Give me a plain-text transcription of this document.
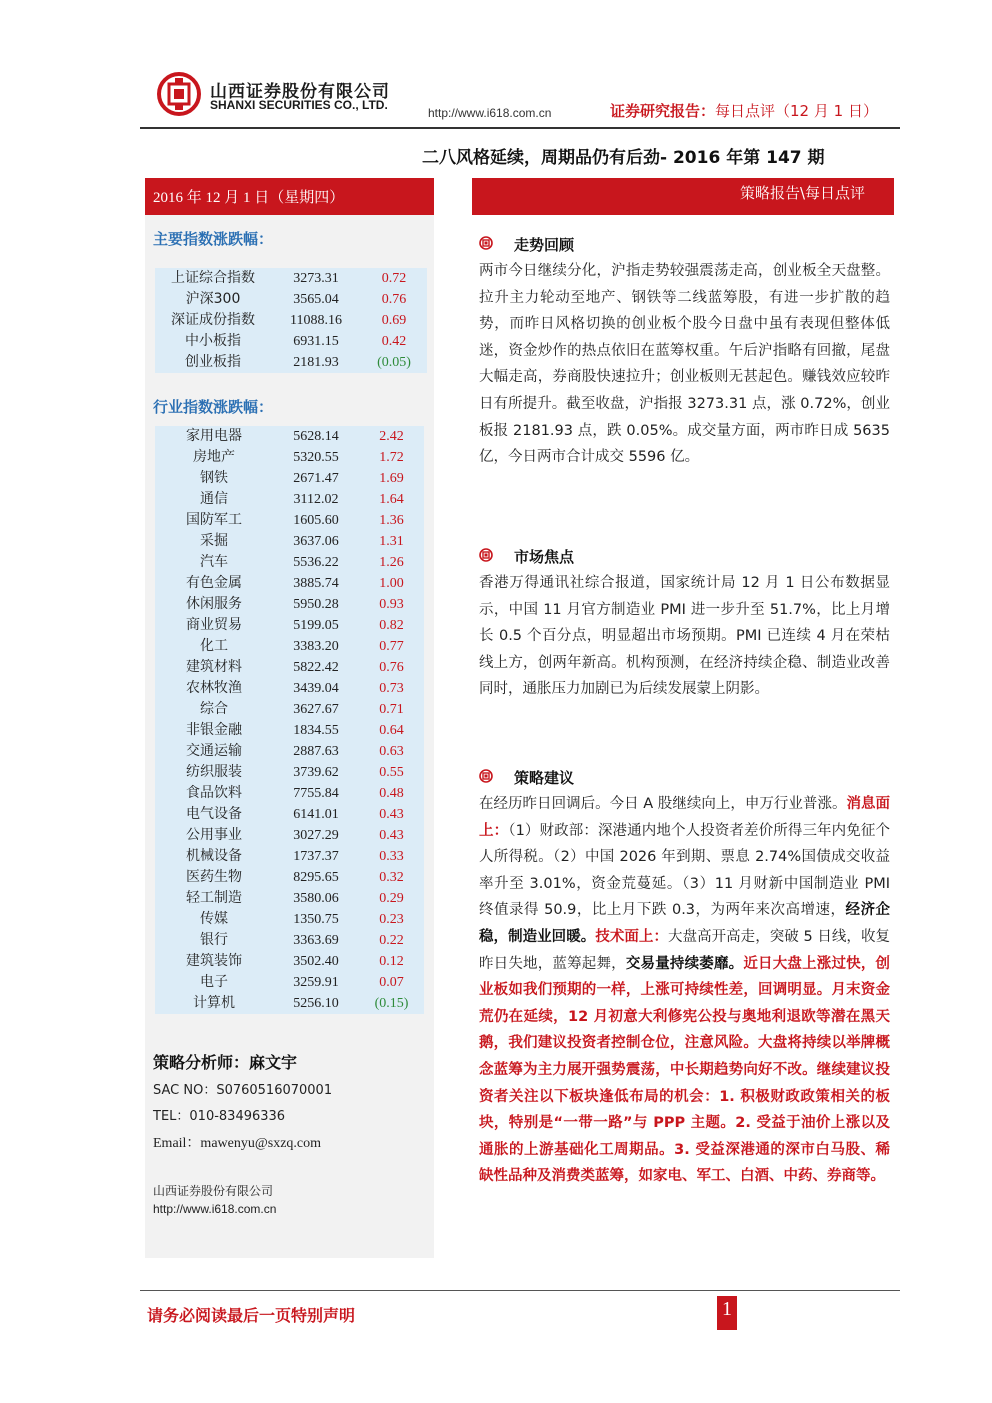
山西证券股份有限公司
SHANXI SECURITIES CO., LTD.
http://www.i618.com.cn	证券研究报告：每日点评（12 月 1 日）
二八风格延续，周期品仍有后劲- 2016 年第 147 期
2016 年 12 月 1 日（星期四）
主要指数涨跌幅：
上证综合指数	3273.31	0.72
沪深300	3565.04	0.76
深证成份指数	11088.16	0.69
中小板指	6931.15	0.42
创业板指	2181.93	(0.05)
行业指数涨跌幅：
家用电器	5628.14	2.42
房地产	5320.55	1.72
钢铁	2671.47	1.69
通信	3112.02	1.64
国防军工	1605.60	1.36
采掘	3637.06	1.31
汽车	5536.22	1.26
有色金属	3885.74	1.00
休闲服务	5950.28	0.93
商业贸易	5199.05	0.82
化工	3383.20	0.77
建筑材料	5822.42	0.76
农林牧渔	3439.04	0.73
综合	3627.67	0.71
非银金融	1834.55	0.64
交通运输	2887.63	0.63
纺织服装	3739.62	0.55
食品饮料	7755.84	0.48
电气设备	6141.01	0.43
公用事业	3027.29	0.43
机械设备	1737.37	0.33
医药生物	8295.65	0.32
轻工制造	3580.06	0.29
传媒	1350.75	0.23
银行	3363.69	0.22
建筑装饰	3502.40	0.12
电子	3259.91	0.07
计算机	5256.10	(0.15)
策略分析师：麻文宇
SAC NO：S0760516070001
TEL：010-83496336
Email：mawenyu@sxzq.com
山西证券股份有限公司
http://www.i618.com.cn
策略报告\每日点评
走势回顾
两市今日继续分化，沪指走势较强震荡走高，创业板全天盘整。拉升主力轮动至地产、钢铁等二线蓝筹股，有进一步扩散的趋势，而昨日风格切换的创业板个股今日盘中虽有表现但整体低迷，资金炒作的热点依旧在蓝筹权重。午后沪指略有回撤，尾盘大幅走高，券商股快速拉升；创业板则无甚起色。赚钱效应较昨日有所提升。截至收盘，沪指报 3273.31 点，涨 0.72%，创业板报 2181.93 点，跌 0.05%。成交量方面，两市昨日成 5635 亿，今日两市合计成交 5596 亿。
市场焦点
香港万得通讯社综合报道，国家统计局 12 月 1 日公布数据显示，中国 11 月官方制造业 PMI 进一步升至 51.7%，比上月增长 0.5 个百分点，明显超出市场预期。PMI 已连续 4 月在荣枯线上方，创两年新高。机构预测，在经济持续企稳、制造业改善同时，通胀压力加剧已为后续发展蒙上阴影。
策略建议
在经历昨日回调后。今日 A 股继续向上，申万行业普涨。消息面上：（1）财政部：深港通内地个人投资者差价所得三年内免征个人所得税。（2）中国 2026 年到期、票息 2.74%国债成交收益率升至 3.01%，资金荒蔓延。（3）11 月财新中国制造业 PMI 终值录得 50.9，比上月下跌 0.3，为两年来次高增速，经济企稳，制造业回暖。技术面上：大盘高开高走，突破 5 日线，收复昨日失地，蓝筹起舞，交易量持续萎靡。近日大盘上涨过快，创业板如我们预期的一样，上涨可持续性差，回调明显。月末资金荒仍在延续，12 月初意大利修宪公投与奥地利退欧等潜在黑天鹅，我们建议投资者控制仓位，注意风险。大盘将持续以举牌概念蓝筹为主力展开强势震荡，中长期趋势向好不改。继续建议投资者关注以下板块逢低布局的机会：1. 积极财政政策相关的板块，特别是“一带一路”与 PPP 主题。2. 受益于油价上涨以及通胀的上游基础化工周期品。3. 受益深港通的深市白马股、稀缺性品种及消费类蓝筹，如家电、军工、白酒、中药、券商等。
请务必阅读最后一页特别声明	1
